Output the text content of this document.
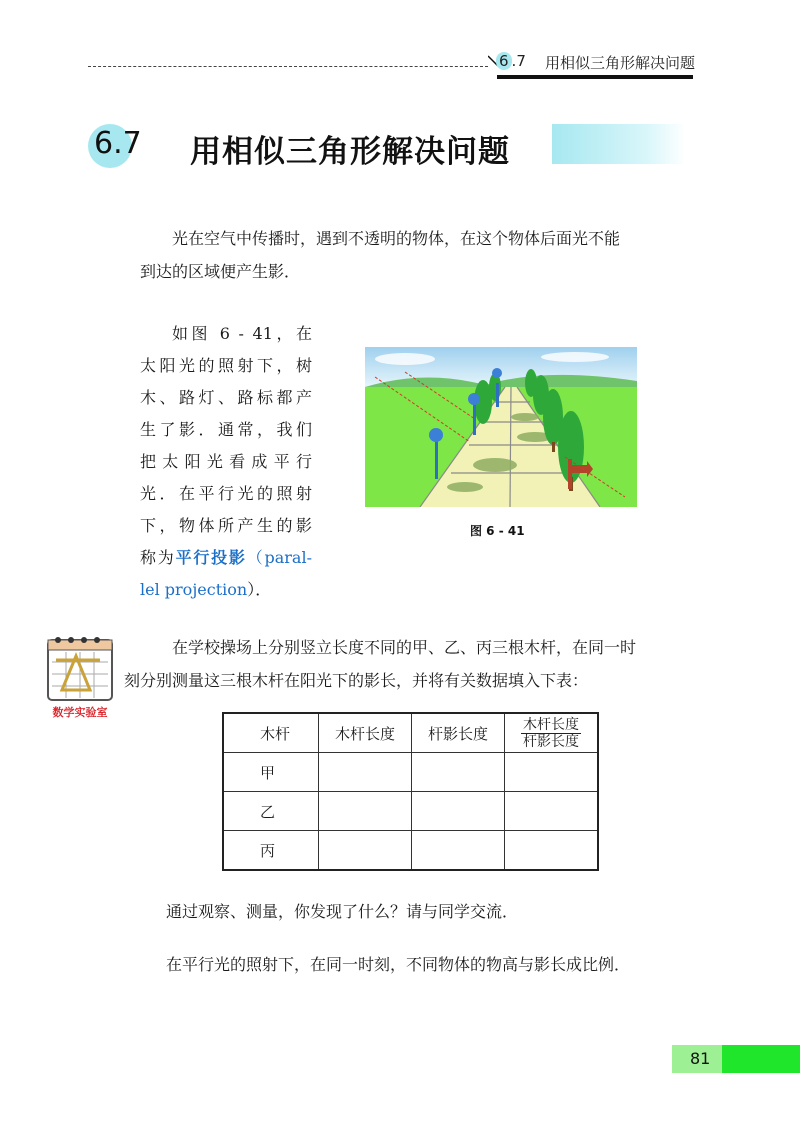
6 .7 用相似三角形解决问题
6.7 用相似三角形解决问题
光在空气中传播时，遇到不透明的物体，在这个物体后面光不能
到达的区域便产生影．
如图 6 - 41，在
太阳光的照射下，树
木、路灯、路标都产
生了影．通常，我们
把太阳光看成平行
光．在平行光的照射
下，物体所产生的影
称为平行投影（paral-
lel projection）．
图 6 - 41
数学实验室
在学校操场上分别竖立长度不同的甲、乙、丙三根木杆，在同一时
刻分别测量这三根木杆在阳光下的影长，并将有关数据填入下表：
木杆	木杆长度	杆影长度	$\frac{\text{木杆长度}}{\text{杆影长度}}$

甲			
乙			
丙			
通过观察、测量，你发现了什么？请与同学交流．
在平行光的照射下，在同一时刻，不同物体的物高与影长成比例．
81
